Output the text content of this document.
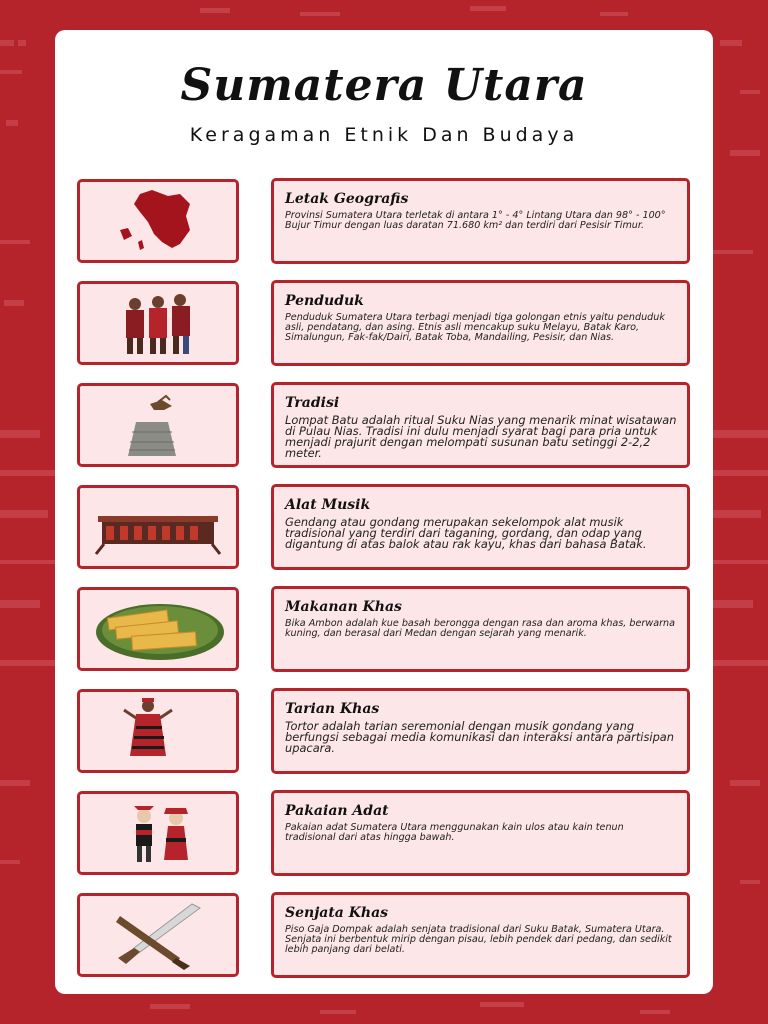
Sumatera Utara
Keragaman Etnik Dan Budaya
Letak Geografis
Provinsi Sumatera Utara terletak di antara 1° - 4° Lintang Utara dan 98° - 100° Bujur Timur dengan luas daratan 71.680 km² dan terdiri dari Pesisir Timur.
Penduduk
Penduduk Sumatera Utara terbagi menjadi tiga golongan etnis yaitu penduduk asli, pendatang, dan asing. Etnis asli mencakup suku Melayu, Batak Karo, Simalungun, Fak-fak/Dairi, Batak Toba, Mandailing, Pesisir, dan Nias.
Tradisi
Lompat Batu adalah ritual Suku Nias yang menarik minat wisatawan di Pulau Nias. Tradisi ini dulu menjadi syarat bagi para pria untuk menjadi prajurit dengan melompati susunan batu setinggi 2-2,2 meter.
Alat Musik
Gendang atau gondang merupakan sekelompok alat musik tradisional yang terdiri dari taganing, gordang, dan odap yang digantung di atas balok atau rak kayu, khas dari bahasa Batak.
Makanan Khas
Bika Ambon adalah kue basah berongga dengan rasa dan aroma khas, berwarna kuning, dan berasal dari Medan dengan sejarah yang menarik.
Tarian Khas
Tortor adalah tarian seremonial dengan musik gondang yang berfungsi sebagai media komunikasi dan interaksi antara partisipan upacara.
Pakaian Adat
Pakaian adat Sumatera Utara menggunakan kain ulos atau kain tenun tradisional dari atas hingga bawah.
Senjata Khas
Piso Gaja Dompak adalah senjata tradisional dari Suku Batak, Sumatera Utara. Senjata ini berbentuk mirip dengan pisau, lebih pendek dari pedang, dan sedikit lebih panjang dari belati.
